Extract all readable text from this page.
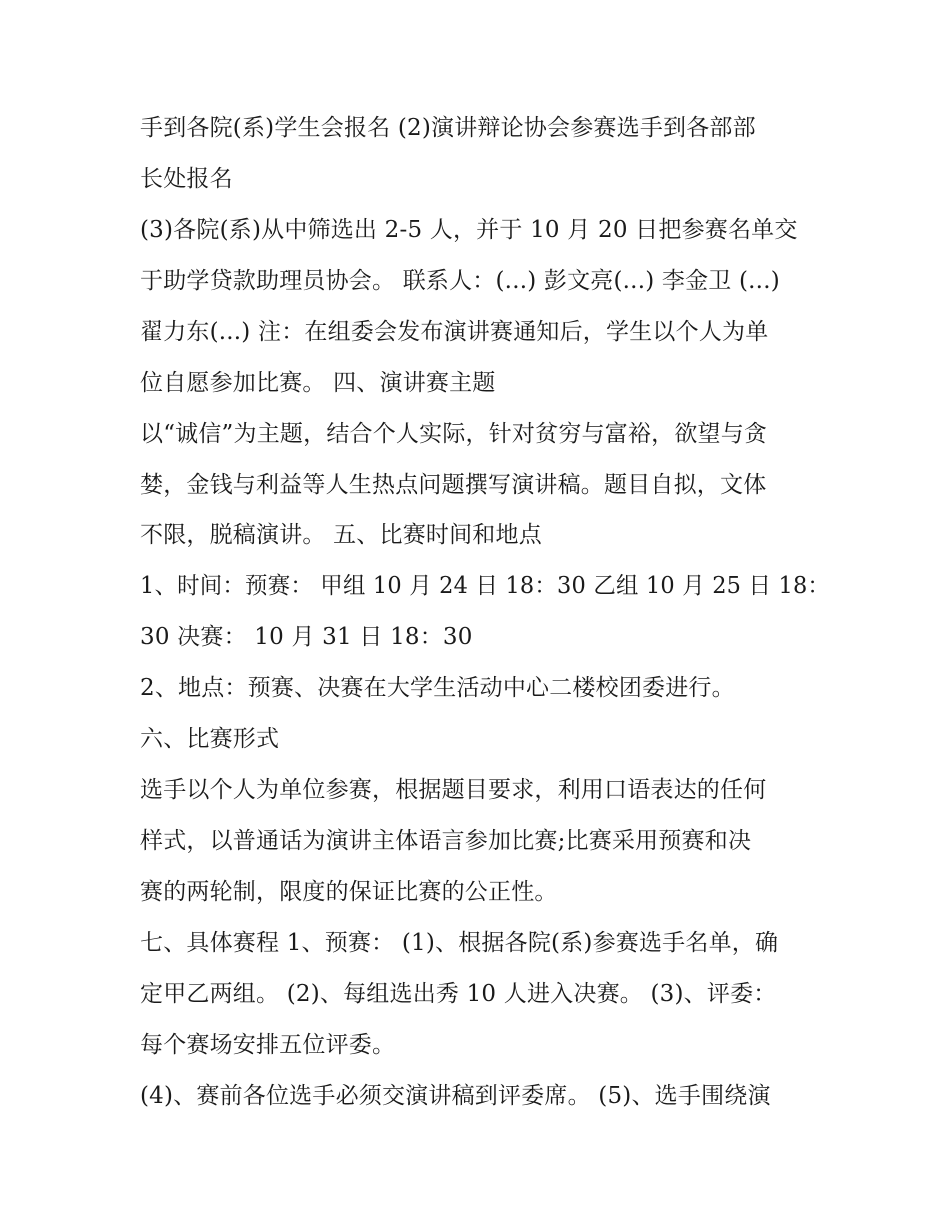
手到各院(系)学生会报名 (2)演讲辩论协会参赛选手到各部部
长处报名
(3)各院(系)从中筛选出 2-5 人，并于 10 月 20 日把参赛名单交
于助学贷款助理员协会。 联系人：(...) 彭文亮(...) 李金卫 (...)
翟力东(...) 注：在组委会发布演讲赛通知后，学生以个人为单
位自愿参加比赛。 四、演讲赛主题
以“诚信”为主题，结合个人实际，针对贫穷与富裕，欲望与贪
婪，金钱与利益等人生热点问题撰写演讲稿。题目自拟，文体
不限，脱稿演讲。 五、比赛时间和地点
1、时间：预赛： 甲组 10 月 24 日 18：30 乙组 10 月 25 日 18：
30 决赛： 10 月 31 日 18：30
2、地点：预赛、决赛在大学生活动中心二楼校团委进行。
六、比赛形式
选手以个人为单位参赛，根据题目要求，利用口语表达的任何
样式，以普通话为演讲主体语言参加比赛;比赛采用预赛和决
赛的两轮制，限度的保证比赛的公正性。
七、具体赛程 1、预赛： (1)、根据各院(系)参赛选手名单，确
定甲乙两组。 (2)、每组选出秀 10 人进入决赛。 (3)、评委：
每个赛场安排五位评委。
(4)、赛前各位选手必须交演讲稿到评委席。 (5)、选手围绕演
